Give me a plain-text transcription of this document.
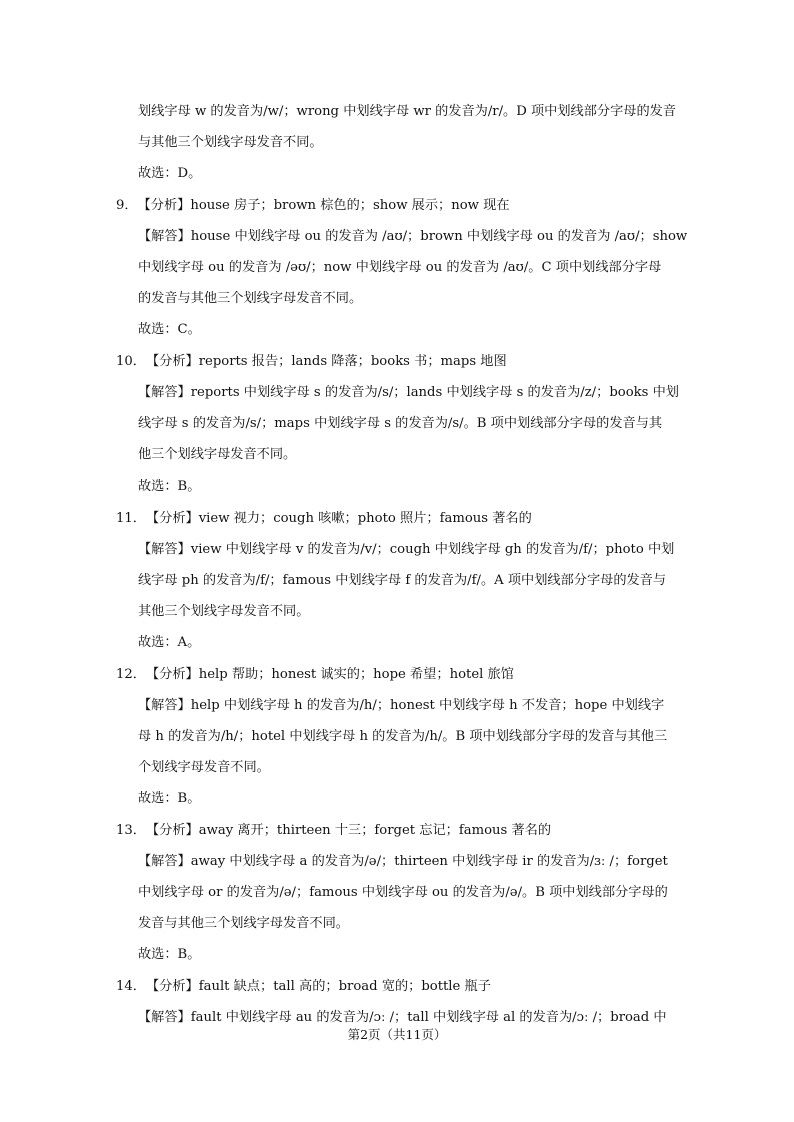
划线字母 w 的发音为/w/；wrong 中划线字母 wr 的发音为/r/。D 项中划线部分字母的发音
与其他三个划线字母发音不同。
故选：D。
9．【分析】house 房子；brown 棕色的；show 展示；now 现在
【解答】house 中划线字母 ou 的发音为 /aʊ/；brown 中划线字母 ou 的发音为 /aʊ/；show
中划线字母 ou 的发音为 /əʊ/；now 中划线字母 ou 的发音为 /aʊ/。C 项中划线部分字母
的发音与其他三个划线字母发音不同。
故选：C。
10．【分析】reports 报告；lands 降落；books 书；maps 地图
【解答】reports 中划线字母 s 的发音为/s/；lands 中划线字母 s 的发音为/z/；books 中划
线字母 s 的发音为/s/；maps 中划线字母 s 的发音为/s/。B 项中划线部分字母的发音与其
他三个划线字母发音不同。
故选：B。
11．【分析】view 视力；cough 咳嗽；photo 照片；famous 著名的
【解答】view 中划线字母 v 的发音为/v/；cough 中划线字母 gh 的发音为/f/；photo 中划
线字母 ph 的发音为/f/；famous 中划线字母 f 的发音为/f/。A 项中划线部分字母的发音与
其他三个划线字母发音不同。
故选：A。
12．【分析】help 帮助；honest 诚实的；hope 希望；hotel 旅馆
【解答】help 中划线字母 h 的发音为/h/；honest 中划线字母 h 不发音；hope 中划线字
母 h 的发音为/h/；hotel 中划线字母 h 的发音为/h/。B 项中划线部分字母的发音与其他三
个划线字母发音不同。
故选：B。
13．【分析】away 离开；thirteen 十三；forget 忘记；famous 著名的
【解答】away 中划线字母 a 的发音为/ə/；thirteen 中划线字母 ir 的发音为/ɜː /；forget
中划线字母 or 的发音为/ə/；famous 中划线字母 ou 的发音为/ə/。B 项中划线部分字母的
发音与其他三个划线字母发音不同。
故选：B。
14．【分析】fault 缺点；tall 高的；broad 宽的；bottle 瓶子
【解答】fault 中划线字母 au 的发音为/ɔː /；tall 中划线字母 al 的发音为/ɔː /；broad 中
第2页（共11页）
